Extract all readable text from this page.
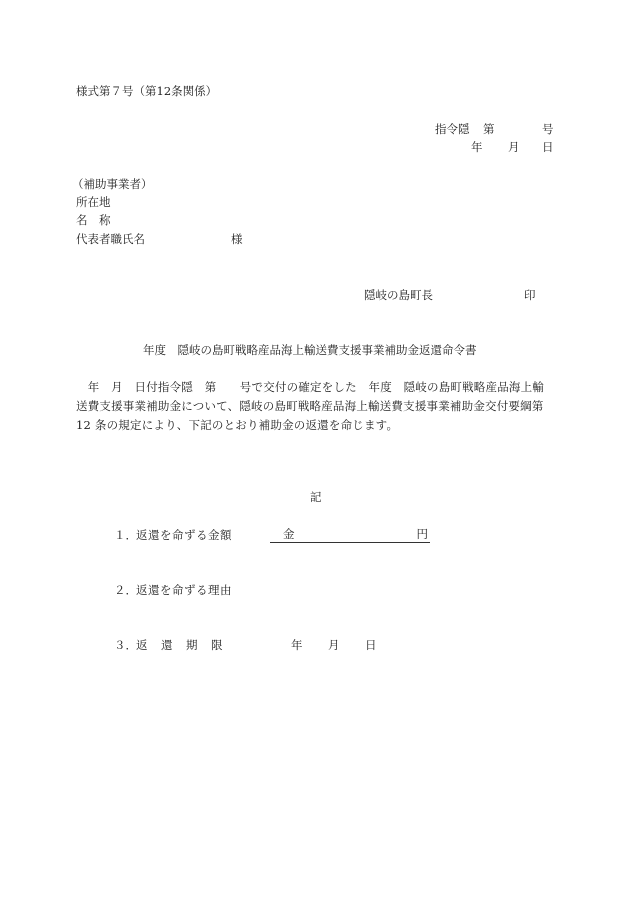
様式第７号（第12条関係）
指令隠 第	号
年 月 日
（補助事業者）
所在地
名　称
代表者職氏名	様
隠岐の島町長	印
年度　隠岐の島町戦略産品海上輸送費支援事業補助金返還命令書
　年　月　日付指令隠　第　　号で交付の確定をした　年度　隠岐の島町戦略産品海上輸
送費支援事業補助金について、隠岐の島町戦略産品海上輸送費支援事業補助金交付要綱第
12 条の規定により、下記のとおり補助金の返還を命じます。
記
１． 返還を命ずる金額	金	円
２． 返還を命ずる理由
３． 返　還　期　限	年 月 日
